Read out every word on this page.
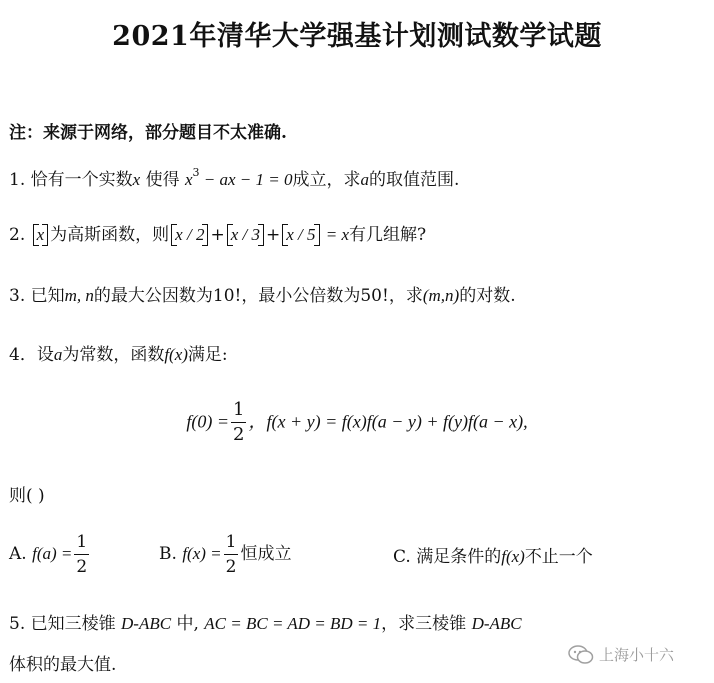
2021年清华大学强基计划测试数学试题
注：来源于网络，部分题目不太准确.
1. 恰有一个实数x 使得 $x^3$ − ax − 1 = 0成立，求a的取值范围.
2.
x 为高斯函数，则 x / 2 + x / 3 + x / 5 = x有几组解?
3. 已知m, n的最大公因数为10!，最小公倍数为50!，求(m,n)的对数.
4．设a为常数，函数f(x)满足:
$f(0) = \frac{1}{2}$ ，f(x + y) = f(x)f(a − y) + f(y)f(a − x),
则( )
A. $f(a) = \frac{1}{2}$	B. $f(x) = \frac{1}{2}$ 恒成立	C. 满足条件的f(x)不止一个
5. 已知三棱锥 D-ABC 中, AC = BC = AD = BD = 1，求三棱锥 D-ABC
体积的最大值.	上海小十六
